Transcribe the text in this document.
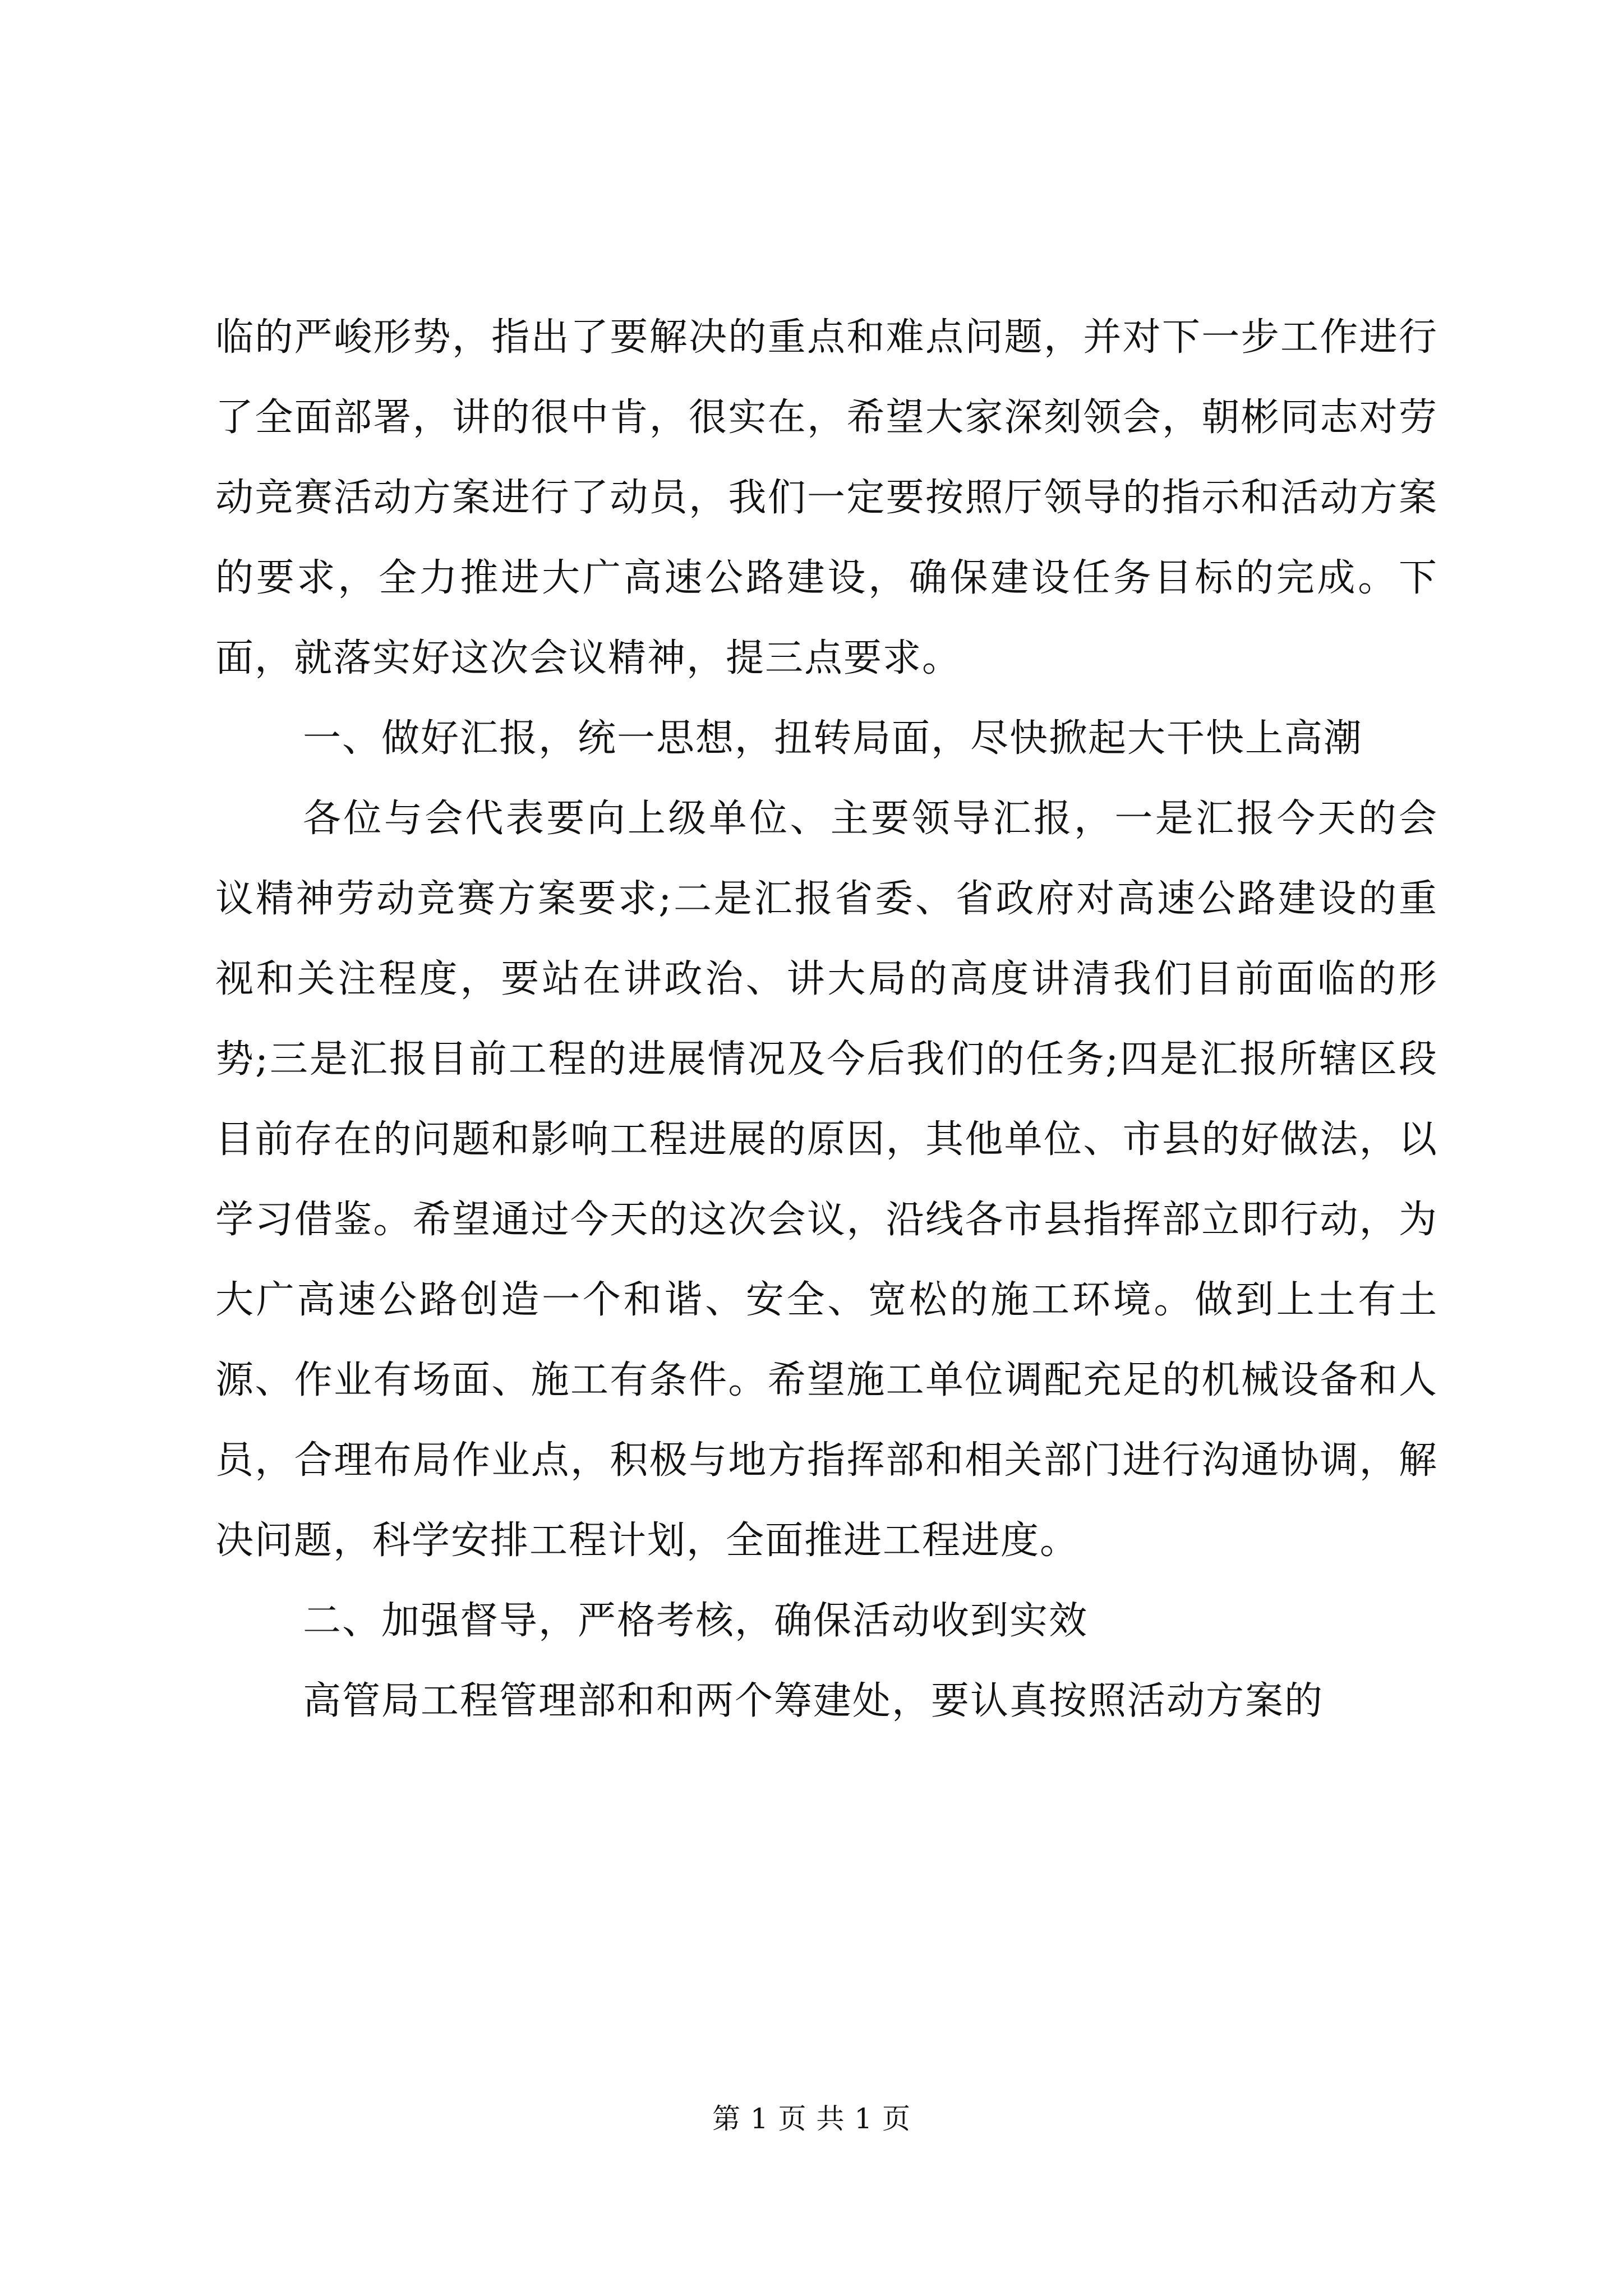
临的严峻形势，指出了要解决的重点和难点问题，并对下一步工作进行了全面部署，讲的很中肯，很实在，希望大家深刻领会，朝彬同志对劳动竞赛活动方案进行了动员，我们一定要按照厅领导的指示和活动方案的要求，全力推进大广高速公路建设，确保建设任务目标的完成。下面，就落实好这次会议精神，提三点要求。

一、做好汇报，统一思想，扭转局面，尽快掀起大干快上高潮

各位与会代表要向上级单位、主要领导汇报，一是汇报今天的会议精神劳动竞赛方案要求;二是汇报省委、省政府对高速公路建设的重视和关注程度，要站在讲政治、讲大局的高度讲清我们目前面临的形势;三是汇报目前工程的进展情况及今后我们的任务;四是汇报所辖区段目前存在的问题和影响工程进展的原因，其他单位、市县的好做法，以学习借鉴。希望通过今天的这次会议，沿线各市县指挥部立即行动，为大广高速公路创造一个和谐、安全、宽松的施工环境。做到上土有土源、作业有场面、施工有条件。希望施工单位调配充足的机械设备和人员，合理布局作业点，积极与地方指挥部和相关部门进行沟通协调，解决问题，科学安排工程计划，全面推进工程进度。

二、加强督导，严格考核，确保活动收到实效

高管局工程管理部和和两个筹建处，要认真按照活动方案的

第 1 页 共 1 页
